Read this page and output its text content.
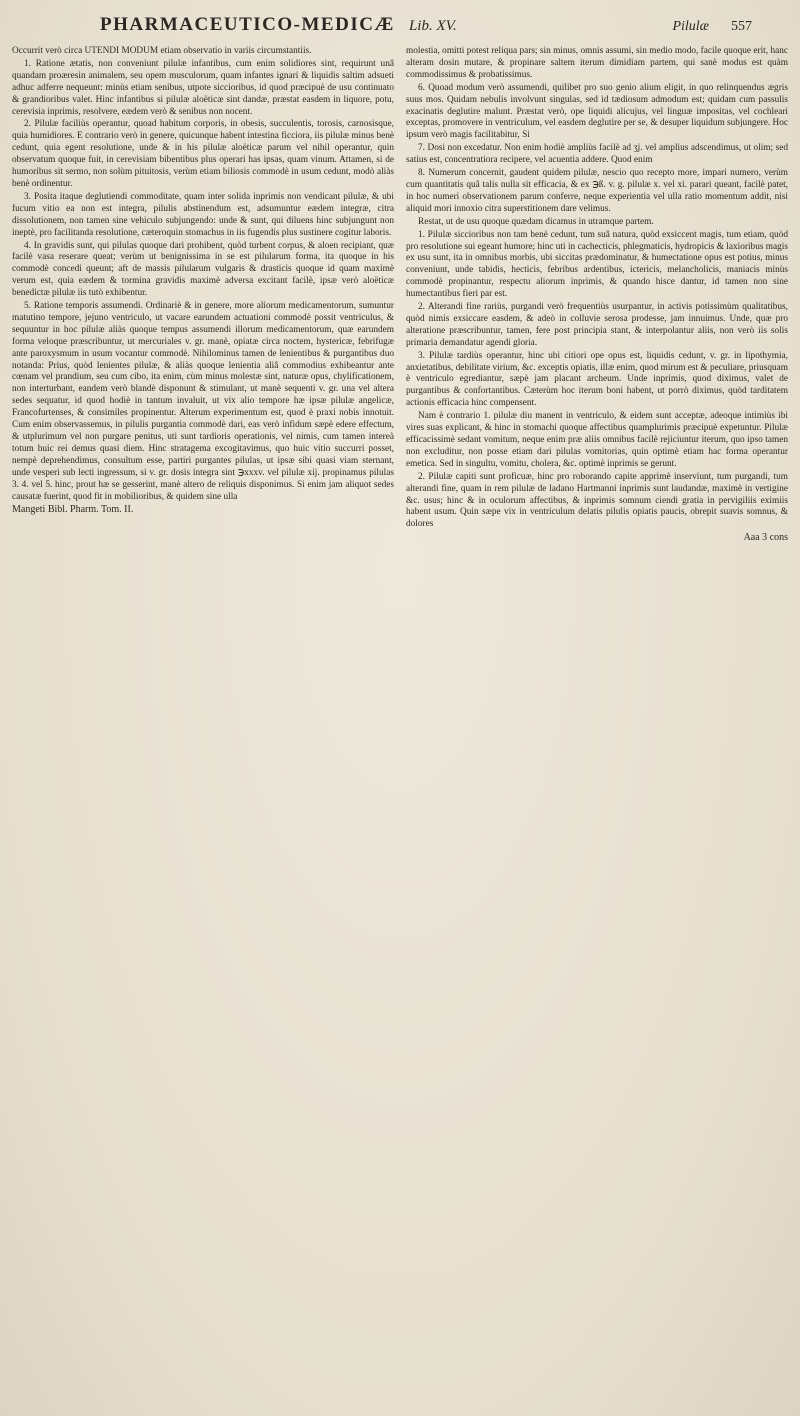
PHARMACEUTICO-MEDICÆ Lib. XV.	Pilulæ 557

Occurrit verò circa UTENDI MODUM etiam observatio in variis circumstantiis.

1. Ratione ætatis, non conveniunt pilulæ infantibus, cum enim solidiores sint, requirunt unâ quandam proæresin animalem, seu opem musculorum, quam infantes ignari & liquidis saltim adsueti adhuc adferre nequeunt: minùs etiam senibus, utpote siccioribus, id quod præcipuè de usu continuato & grandioribus valet. Hinc infantibus si pilulæ aloëticæ sint dandæ, præstat easdem in liquore, potu, cerevisia inprimis, resolvere, eædem verò & senibus non nocent.

2. Pilulæ faciliùs operantur, quoad habitum corporis, in obesis, succulentis, torosis, carnosisque, quia humidiores. E contrario verò in genere, quicunque habent intestina ficciora, iis pilulæ minus benè cedunt, quia egent resolutione, unde & in his pilulæ aloëticæ parum vel nihil operantur, quin observatum quoque fuit, in cerevisiam bibentibus plus operari has ipsas, quam vinum. Attamen, si de humoribus sit sermo, non solùm pituitosis, verùm etiam biliosis commodè in usum cedunt, modò aliàs benè ordinentur.

3. Posita itaque deglutiendi commoditate, quam inter solida inprimis non vendicant pilulæ, & ubi fucum vitio ea non est integra, pilulis abstinendum est, adsumuntur eædem integræ, citra dissolutionem, non tamen sine vehiculo subjungendo: unde & sunt, qui diluens hinc subjungunt non ineptè, pro facilitanda resolutione, cæteroquin stomachus in iis fugendis plus sustinere cogitur laboris.

4. In gravidis sunt, qui pilulas quoque dari prohibent, quòd turbent corpus, & aloen recipiant, quæ facilè vasa reserare queat; verùm ut benignissima in se est pilularum forma, ita quoque in his commodè concedi queunt; aft de massis pilularum vulgaris & drasticis quoque id quam maximè verum est, quia eædem & tormina gravidis maximè adversa excitant facilè, ipsæ verò aloëticæ benedictæ pilulæ iis tutò exhibentur.

5. Ratione temporis assumendi. Ordinariè & in genere, more aliorum medicamentorum, sumuntur matutino tempore, jejuno ventriculo, ut vacare earundem actuationi commodè possit ventriculus, & sequuntur in hoc pilulæ aliàs quoque tempus assumendi illorum medicamentorum, quæ earundem forma veloque præscribuntur, ut mercuriales v. gr. manè, opiatæ circa noctem, hystericæ, febrifugæ ante paroxysmum in usum vocantur commodè. Nihilominus tamen de lenientibus & purgantibus duo notanda: Prius, quòd lenientes pilulæ, & aliàs quoque lenientia aliâ commodius exhibeantur ante cœnam vel prandium, seu cum cibo, ita enim, cùm minus molestæ sint, naturæ opus, chylificationem, non interturbant, eandem verò blandè disponunt & stimulant, ut manè sequenti v. gr. una vel altera sedes sequatur, id quod hodiè in tantum invaluit, ut vix alio tempore hæ ipsæ pilulæ angelicæ, Francofurtenses, & consimiles propinentur. Alterum experimentum est, quod è praxi nobis innotuit. Cum enim observassemus, in pilulis purgantia commodè dari, eas verò infidum sæpè edere effectum, & utplurimum vel non purgare penitus, uti sunt tardioris operationis, vel nimis, cum tamen intereà totum huic rei demus quasi diem. Hinc stratagema excogitavimus, quo huic vitio succurri posset, nempè deprehendimus, consultum esse, partiri purgantes pilulas, ut ipsæ sibi quasi viam sternant, unde vesperi sub lecti ingressum, si v. gr. dosis integra sint ℈xxxv. vel pilulæ xij. propinamus pilulas 3. 4. vel 5. hinc, prout hæ se gesserint, manè altero de reliquis disponimus. Si enim jam aliquot sedes causatæ fuerint, quod fit in mobilioribus, & quidem sine ulla

Mangeti Bibl. Pharm. Tom. II.

molestia, omitti potest reliqua pars; sin minus, omnis assumi, sin medio modo, facile quoque erit, hanc alteram dosin mutare, & propinare saltem iterum dimidiam partem, qui sanè modus est quàm commodissimus & probatissimus.

6. Quoad modum verò assumendi, quilibet pro suo genio alium eligit, in quo relinquendus ægris suus mos. Quidam nebulis involvunt singulas, sed id tædiosum admodum est; quidam cum passulis exacinatis deglutire malunt. Præstat verò, ope liquidi alicujus, vel linguæ impositas, vel cochleari exceptas, promovere in ventriculum, vel easdem deglutire per se, & desuper liquidum subjungere. Hoc ipsum verò magis facilitabitur, Si

7. Dosi non excedatur. Non enim hodiè ampliùs facilè ad ʒj. vel amplius adscendimus, ut olim; sed satius est, concentratiora recipere, vel acuentia addere. Quod enim

8. Numerum concernit, gaudent quidem pilulæ, nescio quo recepto more, impari numero, verùm cum quantitatis quâ talis nulla sit efficacia, & ex ℈ß. v. g. pilulæ x. vel xi. parari queant, facilè patet, in hoc numeri observationem parum conferre, neque experientia vel ulla ratio momentum addit, nisi aliquid mori innoxio citra superstitionem dare velimus.

Restat, ut de usu quoque quædam dicamus in utramque partem.

1. Pilulæ siccioribus non tam benè cedunt, tum suâ natura, quòd exsiccent magis, tum etiam, quòd pro resolutione sui egeant humore; hinc uti in cachecticis, phlegmaticis, hydropicis & laxioribus magis ex usu sunt, ita in omnibus morbis, ubi siccitas prædominatur, & humectatione opus est potius, minus conveniunt, unde tabidis, hecticis, febribus ardentibus, ictericis, melancholicis, maniacis minùs commodè propinantur, respectu aliorum inprimis, & quando hisce dantur, id tamen non sine humectantibus fieri par est.

2. Alterandi fine rariùs, purgandi verò frequentiùs usurpantur, in activis potissimùm qualitatibus, quòd nimis exsiccare easdem, & adeò in colluvie serosa prodesse, jam innuimus. Unde, quæ pro alteratione præscribuntur, tamen, fere post principia stant, & interpolantur aliis, non verò iis solis primaria demandatur agendi gloria.

3. Pilulæ tardiùs operantur, hinc ubi citiori ope opus est, liquidis cedunt, v. gr. in lipothymia, anxietatibus, debilitate virium, &c. exceptis opiatis, illæ enim, quod mirum est & peculiare, priusquam è ventriculo egrediantur, sæpè jam placant archeum. Unde inprimis, quod diximus, valet de purgantibus & confortantibus. Cæterùm hoc iterum boni habent, ut porrò diximus, quòd tarditatem actionis efficacia hinc compensent.

Nam è contrario 1. pilulæ diu manent in ventriculo, & eidem sunt acceptæ, adeoque intimiùs ibi vires suas explicant, & hinc in stomachi quoque affectibus quamplurimis præcipuè expetuntur. Pilulæ efficacissimè sedant vomitum, neque enim præ aliis omnibus facilè rejiciuntur iterum, quo ipso tamen non excluditur, non posse etiam dari pilulas vomitorias, quin optimè etiam hac forma operantur emetica. Sed in singultu, vomitu, cholera, &c. optimè inprimis se gerunt.

2. Pilulæ capiti sunt proficuæ, hinc pro roborando capite apprimè inserviunt, tum purgandi, tum alterandi fine, quam in rem pilulæ de ladano Hartmanni inprimis sunt laudandæ, maximè in vertigine &c. usus; hinc & in oculorum affectibus, & inprimis somnum ciendi gratia in pervigiliis eximiis habent usum. Quin sæpe vix in ventriculum delatis pilulis opiatis paucis, obrepit suavis somnus, & dolores

Aaa 3 cons
